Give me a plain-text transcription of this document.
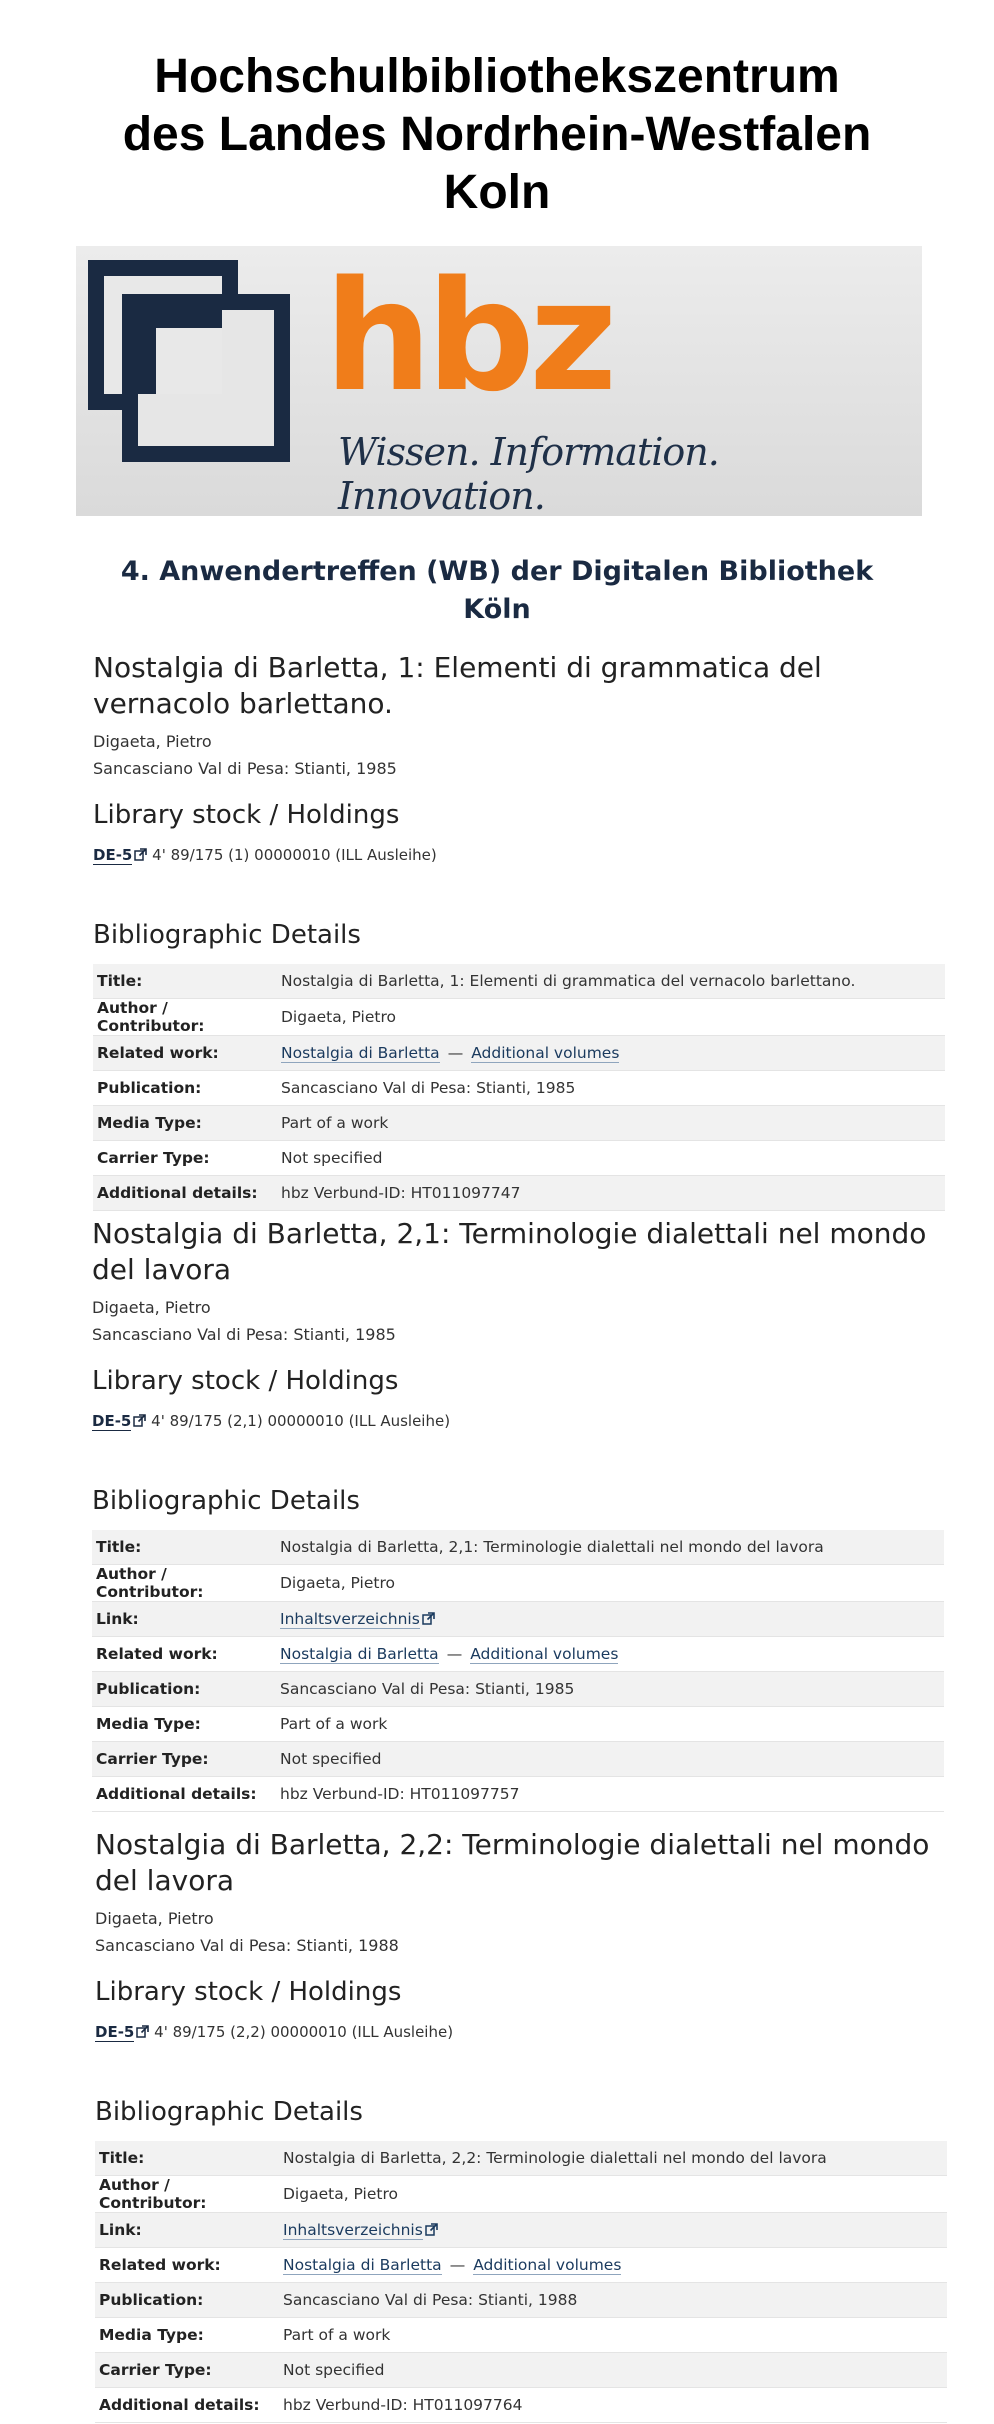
Hochschulbibliothekszentrum
des Landes Nordrhein-Westfalen
Koln
hbz
Wissen. Information. Innovation.
4. Anwendertreffen (WB) der Digitalen Bibliothek
Köln
Nostalgia di Barletta, 1: Elementi di grammatica del vernacolo barlettano.
Digaeta, Pietro
Sancasciano Val di Pesa: Stianti, 1985
Library stock / Holdings
DE-5 4' 89/175 (1) 00000010 (ILL Ausleihe)
Bibliographic Details
Title:	Nostalgia di Barletta, 1: Elementi di grammatica del vernacolo barlettano.
Author / Contributor:	Digaeta, Pietro
Related work:	Nostalgia di Barletta — Additional volumes
Publication:	Sancasciano Val di Pesa: Stianti, 1985
Media Type:	Part of a work
Carrier Type:	Not specified
Additional details:	hbz Verbund-ID: HT011097747
Nostalgia di Barletta, 2,1: Terminologie dialettali nel mondo del lavora
Digaeta, Pietro
Sancasciano Val di Pesa: Stianti, 1985
Library stock / Holdings
DE-5 4' 89/175 (2,1) 00000010 (ILL Ausleihe)
Bibliographic Details
Title:	Nostalgia di Barletta, 2,1: Terminologie dialettali nel mondo del lavora
Author / Contributor:	Digaeta, Pietro
Link:	Inhaltsverzeichnis
Related work:	Nostalgia di Barletta — Additional volumes
Publication:	Sancasciano Val di Pesa: Stianti, 1985
Media Type:	Part of a work
Carrier Type:	Not specified
Additional details:	hbz Verbund-ID: HT011097757
Nostalgia di Barletta, 2,2: Terminologie dialettali nel mondo del lavora
Digaeta, Pietro
Sancasciano Val di Pesa: Stianti, 1988
Library stock / Holdings
DE-5 4' 89/175 (2,2) 00000010 (ILL Ausleihe)
Bibliographic Details
Title:	Nostalgia di Barletta, 2,2: Terminologie dialettali nel mondo del lavora
Author / Contributor:	Digaeta, Pietro
Link:	Inhaltsverzeichnis
Related work:	Nostalgia di Barletta — Additional volumes
Publication:	Sancasciano Val di Pesa: Stianti, 1988
Media Type:	Part of a work
Carrier Type:	Not specified
Additional details:	hbz Verbund-ID: HT011097764
